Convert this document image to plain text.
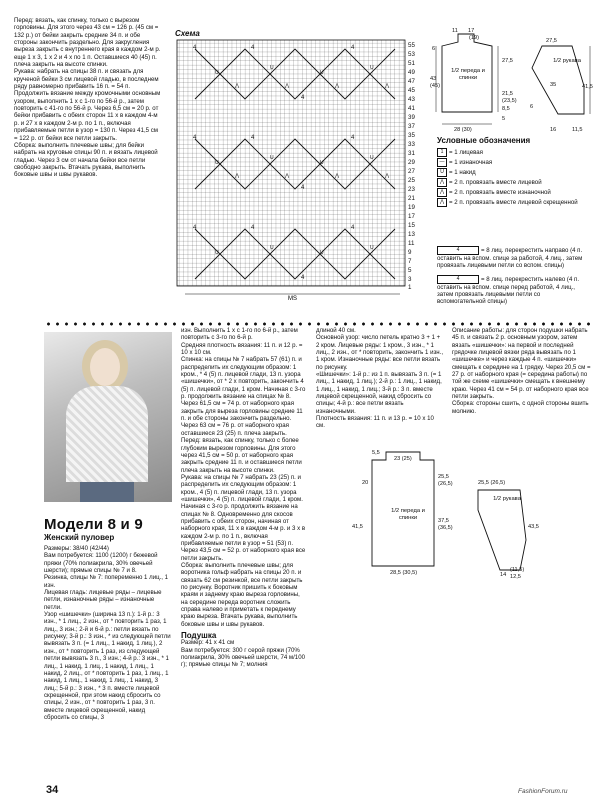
Перед: вязать, как спинку, только с вырезом горловины. Для этого через 43 см = 126 р. (45 см = 132 р.) от бейки закрыть средние 34 п. и обе стороны закончить раздельно. Для закругления выреза закрыть с внутреннего края в каждом 2-м р. еще 1 х 3, 1 х 2 и 4 х по 1 п. Оставшиеся 40 (45) п. плеча закрыть на высоте спинки.

Рукава: набрать на спицы 38 п. и связать для крученой бейки 3 см лицевой гладью, в последнем ряду равномерно прибавить 16 п. = 54 п. Продолжить вязание между кромочными основным узором, выполнить 1 х с 1-го по 56-й р., затем повторить с 41-го по 56-й р. Через 6,5 см = 20 р. от бейки прибавить с обеих сторон 11 х в каждом 4-м р. и 27 х в каждом 2-м р. по 1 п., включая прибавляемые петли в узор = 130 п. Через 41,5 см = 122 р. от бейки все петли закрыть.

Сборка: выполнить плечевые швы; для бейки набрать на круговые спицы 90 п. и вязать лицевой гладью. Через 3 см от начала бейки все петли свободно закрыть. Втачать рукава, выполнить боковые швы и швы рукавов.

Схема
U
U
U
U
U
U
U
U
U
U
U
U
⋀	⋀	⋀	⋀
⋀	⋀	⋀	⋀
4	4	4
4	4	4
4	4	4
4
4
4
55
53
51
49
47
45
43
41
39
37
35
33
31
29
27
25
23
21
19
17
15
13
11
9
7
5
3
1
MS
11 17
(19)
6
43
(45)
27,5
21,5
(23,5)
8,5
5
28 (30)
6
16	11,5
27,5
41,5
35
1/2 переда и спинки
1/2 рукава
Условные обозначения
1 = 1 лицевая
— = 1 изнаночная
U = 1 накид
⋀ = 2 п. провязать вместе лицевой
⋀ = 2 п. провязать вместе изнаночной
⋀ = 2 п. провязать вместе лицевой скрещенной
4	= 8 лиц. перекрестить направо (4 п. оставить на вспом. спице за работой, 4 лиц., затем провязать лицевыми петли со вспом. спицы)
4	= 8 лиц. перекрестить налево (4 п. оставить на вспом. спице перед работой, 4 лиц., затем провязать лицевыми петли со вспомогательной спицы)
Модели 8 и 9
Женский пуловер

Размеры: 38/40 (42/44)

Вам потребуется: 1100 (1200) г бежевой пряжи (70% полиакрила, 30% овечьей шерсти); прямые спицы № 7 и 8.

Резинка, спицы № 7: попеременно 1 лиц., 1 изн.

Лицевая гладь: лицевые ряды – лицевые петли, изнаночные ряды – изнаночные петли.

Узор «шишечки» (ширина 13 п.): 1-й р.: 3 изн., * 1 лиц., 2 изн., от * повторить 1 раз, 1 лиц., 3 изн.; 2-й и 6-й р.: петли вязать по рисунку; 3-й р.: 3 изн., * из следующей петли вывязать 3 п. (= 1 лиц., 1 накид, 1 лиц.), 2 изн., от * повторить 1 раз, из следующей петли вывязать 3 п., 3 изн.; 4-й р.: 3 изн., * 1 лиц., 1 накид, 1 лиц., 1 накид, 1 лиц., 1 накид, 2 лиц., от * повторить 1 раз, 1 лиц., 1 накид, 1 лиц., 1 накид, 1 лиц., 1 накид, 3 лиц.; 5-й р.: 3 изн., * 3 п. вместе лицевой скрещенной, при этом накид сбросить со спицы, 2 изн., от * повторить 1 раз, 3 п. вместе лицевой скрещенной, накид сбросить со спицы, 3

изн. Выполнить 1 х с 1-го по 6-й р., затем повторить с 3-го по 6-й р.

Средняя плотность вязания: 11 п. и 12 р. = 10 х 10 см.

Спинка: на спицы № 7 набрать 57 (61) п. и распределить их следующим образом: 1 кром., * 4 (5) п. лицевой глади, 13 п. узора «шишечки», от * 2 х повторить, закончить 4 (5) п. лицевой глади, 1 кром. Начиная с 3-го р. продолжить вязание на спицах № 8. Через 61,5 см = 74 р. от наборного края закрыть для выреза горловины средние 11 п. и обе стороны закончить раздельно. Через 63 см = 76 р. от наборного края оставшиеся 23 (25) п. плеча закрыть.

Перед: вязать, как спинку, только с более глубоким вырезом горловины. Для этого через 41,5 см = 50 р. от наборного края закрыть средние 11 п. и оставшиеся петли плеча закрыть на высоте спинки.

Рукава: на спицы № 7 набрать 23 (25) п. и распределить их следующим образом: 1 кром., 4 (5) п. лицевой глади, 13 п. узора «шишечки», 4 (5) п. лицевой глади, 1 кром. Начиная с 3-го р. продолжить вязание на спицах № 8. Одновременно для скосов прибавить с обеих сторон, начиная от наборного края, 11 х в каждом 4-м р. и 3 х в каждом 2-м р. по 1 п., включая прибавляемые петли в узор = 51 (53) п. Через 43,5 см = 52 р. от наборного края все петли закрыть.

Сборка: выполнить плечевые швы; для воротника гольф набрать на спицы 20 п. и связать 62 см резинкой, все петли закрыть по рисунку. Воротник пришить к боковым краям и заднему краю выреза горловины, на середине переда воротник сложить справа налево и приметать к переднему краю выреза. Втачать рукава, выполнить боковые швы и швы рукавов.

Подушка

Размер: 41 x 41 см

Вам потребуется: 300 г серой пряжи (70% полиакрила, 30% овечьей шерсти, 74 м/100 г); прямые спицы № 7; молния

длиной 40 см.

Основной узор: число петель кратно 3 + 1 + 2 кром. Лицевые ряды: 1 кром., 3 изн., * 1 лиц., 2 изн., от * повторить, закончить 1 изн., 1 кром. Изнаночные ряды: все петли вязать по рисунку.

«Шишечки»: 1-й р.: из 1 п. вывязать 3 п. (= 1 лиц., 1 накид, 1 лиц.); 2-й р.: 1 лиц., 1 накид, 1 лиц., 1 накид, 1 лиц.; 3-й р.: 3 п. вместе лицевой скрещенной, накид сбросить со спицы; 4-й р.: все петли вязать изнаночными.

Плотность вязания: 11 п. и 13 р. = 10 х 10 см.

Описание работы: для сторон подушки набрать 45 п. и связать 2 р. основным узором, затем вязать «шишечки»: на первой и последней грядочке лицевой вязки ряда вывязать по 1 «шишечке» и через каждые 4 п. «шишечки» смещать к середине на 1 грядку. Через 20,5 см = 27 р. от наборного края (= середина работы) по той же схеме «шишечки» смещать к внешнему краю. Через 41 см = 54 р. от наборного края все петли закрыть.

Сборка: стороны сшить, с одной стороны вшить молнию.

5,5
23 (25)
20
25,5
(26,5)
41,5
37,5
(36,5)
28,5 (30,5)
25,5 (26,5)
43,5
14
(11,5)
12,5
1/2 переда и спинки
1/2 рукава
34	FashionForum.ru
